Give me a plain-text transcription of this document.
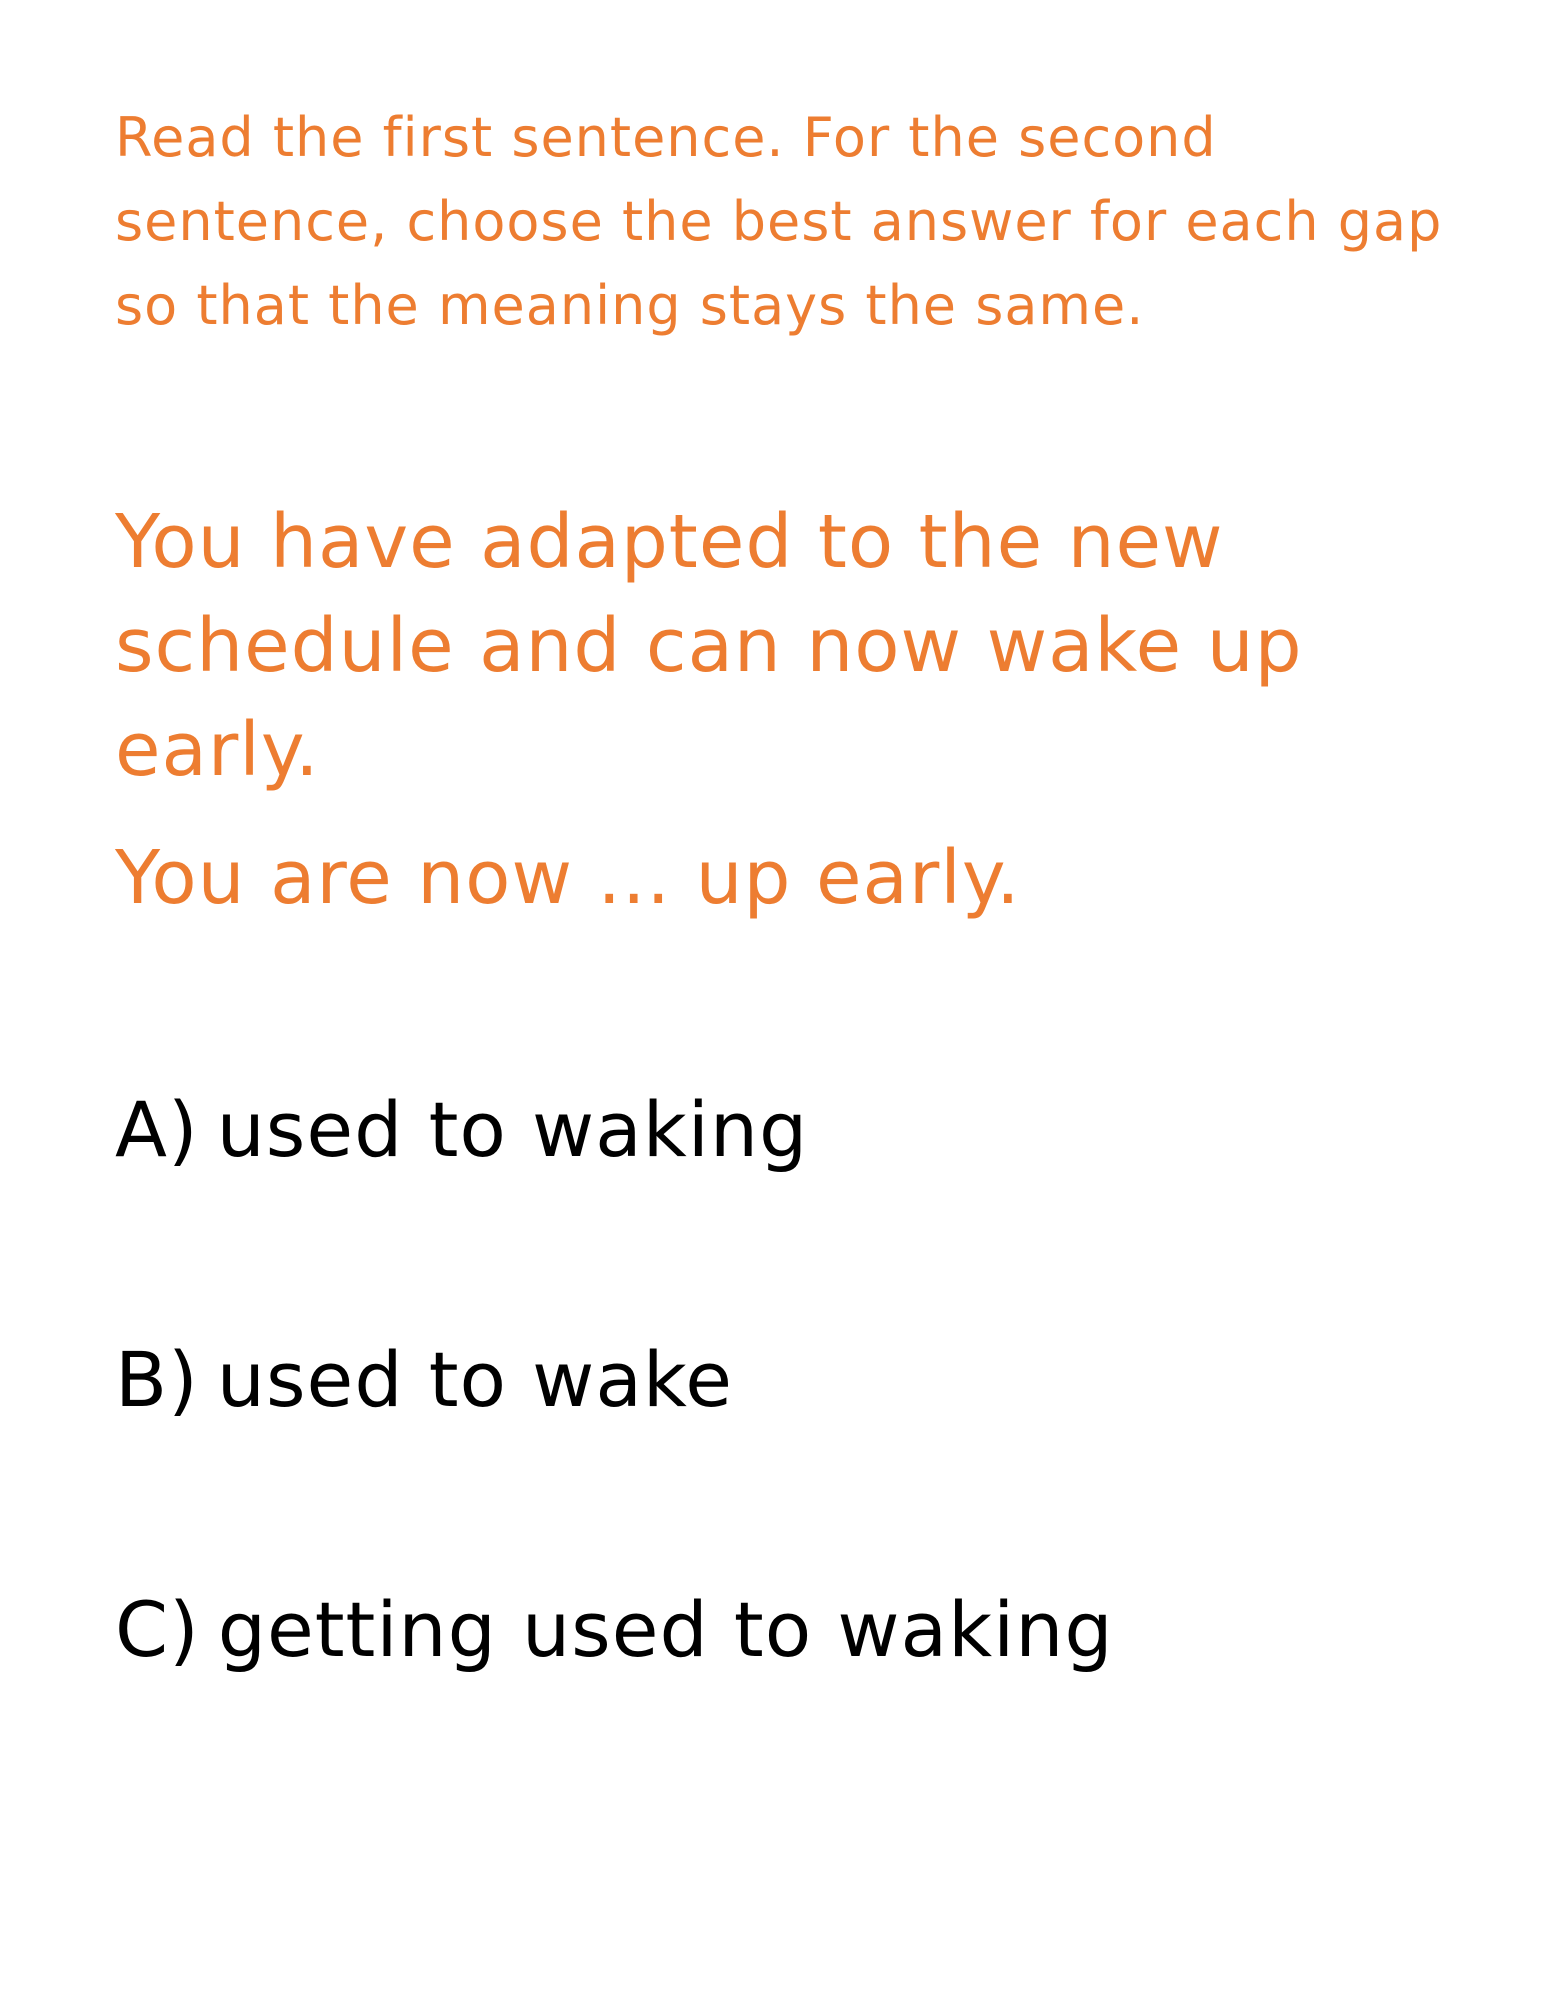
Read the first sentence. For the second sentence, choose the best answer for each gap so that the meaning stays the same.

You have adapted to the new schedule and can now wake up early.

You are now ... up early.

A) used to waking
B) used to wake
C) getting used to waking
